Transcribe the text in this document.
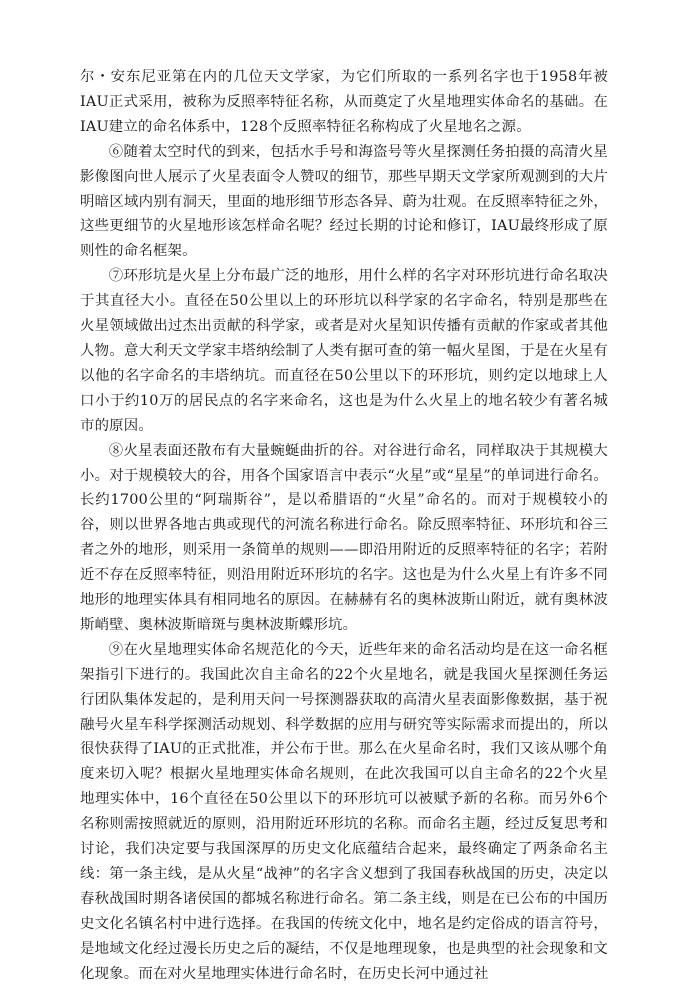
尔・安东尼亚第在内的几位天文学家，为它们所取的一系列名字也于1958年被IAU正式采用，被称为反照率特征名称，从而奠定了火星地理实体命名的基础。在IAU建立的命名体系中，128个反照率特征名称构成了火星地名之源。

⑥随着太空时代的到来，包括水手号和海盗号等火星探测任务拍摄的高清火星影像图向世人展示了火星表面令人赞叹的细节，那些早期天文学家所观测到的大片明暗区域内别有洞天，里面的地形细节形态各异、蔚为壮观。在反照率特征之外，这些更细节的火星地形该怎样命名呢？经过长期的讨论和修订，IAU最终形成了原则性的命名框架。

⑦环形坑是火星上分布最广泛的地形，用什么样的名字对环形坑进行命名取决于其直径大小。直径在50公里以上的环形坑以科学家的名字命名，特别是那些在火星领域做出过杰出贡献的科学家，或者是对火星知识传播有贡献的作家或者其他人物。意大利天文学家丰塔纳绘制了人类有据可查的第一幅火星图，于是在火星有以他的名字命名的丰塔纳坑。而直径在50公里以下的环形坑，则约定以地球上人口小于约10万的居民点的名字来命名，这也是为什么火星上的地名较少有著名城市的原因。

⑧火星表面还散布有大量蜿蜒曲折的谷。对谷进行命名，同样取决于其规模大小。对于规模较大的谷，用各个国家语言中表示“火星”或“星星”的单词进行命名。长约1700公里的“阿瑞斯谷”，是以希腊语的“火星”命名的。而对于规模较小的谷，则以世界各地古典或现代的河流名称进行命名。除反照率特征、环形坑和谷三者之外的地形，则采用一条简单的规则——即沿用附近的反照率特征的名字；若附近不存在反照率特征，则沿用附近环形坑的名字。这也是为什么火星上有许多不同地形的地理实体具有相同地名的原因。在赫赫有名的奥林波斯山附近，就有奥林波斯峭壁、奥林波斯暗斑与奥林波斯蝶形坑。

⑨在火星地理实体命名规范化的今天，近些年来的命名活动均是在这一命名框架指引下进行的。我国此次自主命名的22个火星地名，就是我国火星探测任务运行团队集体发起的，是利用天问一号探测器获取的高清火星表面影像数据，基于祝融号火星车科学探测活动规划、科学数据的应用与研究等实际需求而提出的，所以很快获得了IAU的正式批准，并公布于世。那么在火星命名时，我们又该从哪个角度来切入呢？根据火星地理实体命名规则，在此次我国可以自主命名的22个火星地理实体中，16个直径在50公里以下的环形坑可以被赋予新的名称。而另外6个名称则需按照就近的原则，沿用附近环形坑的名称。而命名主题，经过反复思考和讨论，我们决定要与我国深厚的历史文化底蕴结合起来，最终确定了两条命名主线：第一条主线，是从火星“战神”的名字含义想到了我国春秋战国的历史，决定以春秋战国时期各诸侯国的都城名称进行命名。第二条主线，则是在已公布的中国历史文化名镇名村中进行选择。在我国的传统文化中，地名是约定俗成的语言符号，是地域文化经过漫长历史之后的凝结，不仅是地理现象，也是典型的社会现象和文化现象。而在对火星地理实体进行命名时，在历史长河中通过社
